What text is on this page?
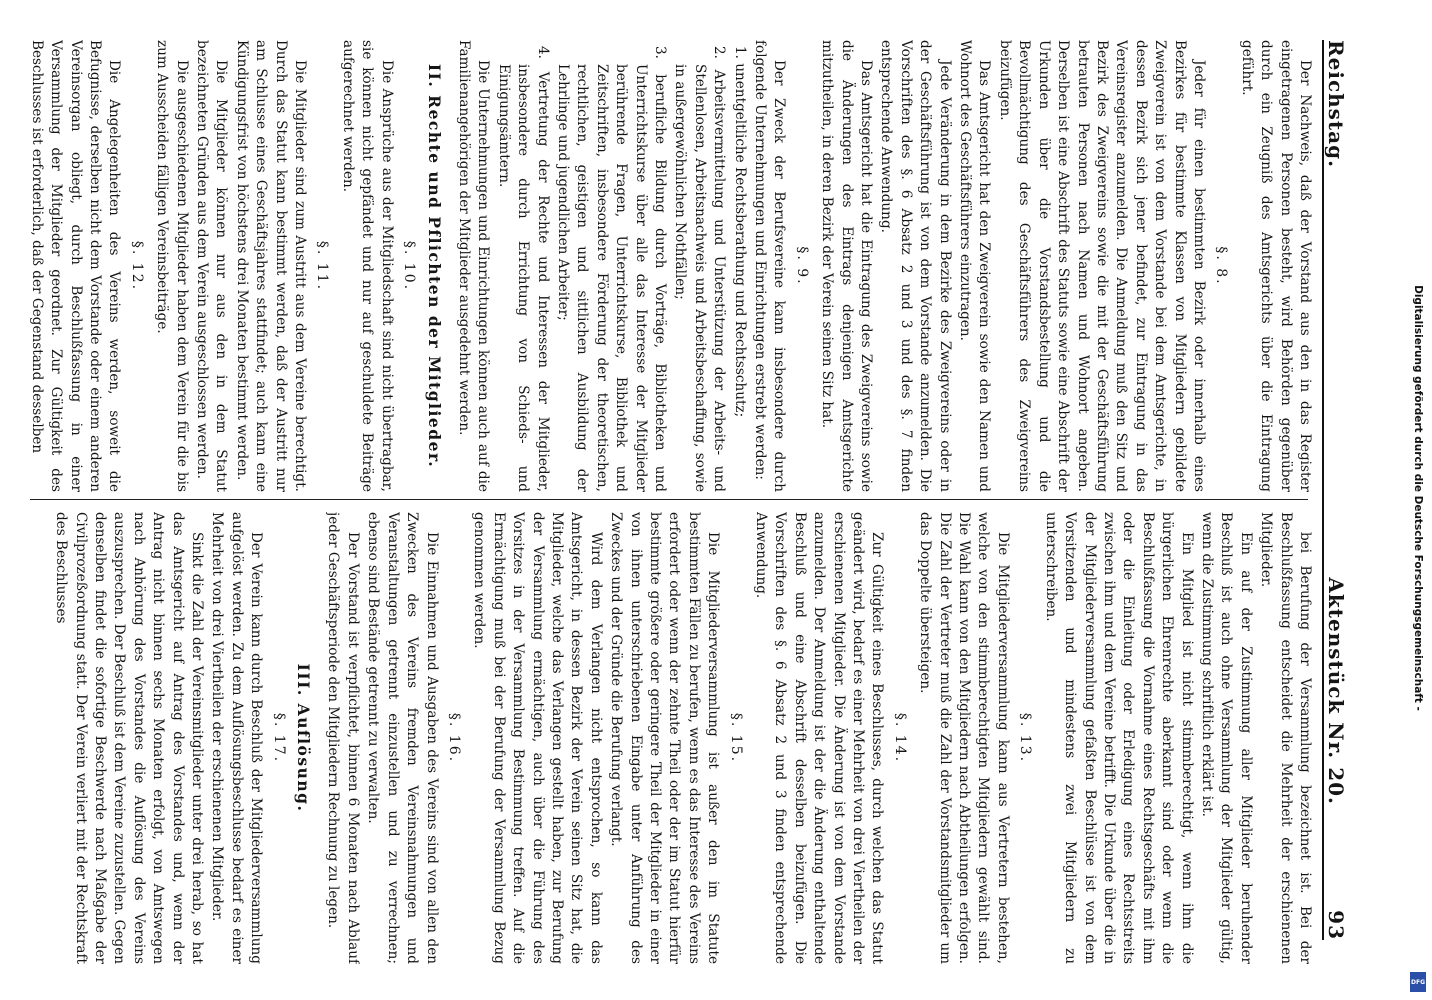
Reichstag.
Aktenstück Nr. 20.
93

Der Nachweis, daß der Vorstand aus den in das Register eingetragenen Personen besteht, wird Behörden gegenüber durch ein Zeugniß des Amtsgerichts über die Eintragung geführt.

§. 8.

Jeder für einen bestimmten Bezirk oder innerhalb eines Bezirkes für bestimmte Klassen von Mitgliedern gebildete Zweigverein ist von dem Vorstande bei dem Amtsgerichte, in dessen Bezirk sich jener befindet, zur Eintragung in das Vereinsregister anzumelden. Die Anmeldung muß den Sitz und Bezirk des Zweigvereins sowie die mit der Geschäftsführung betrauten Personen nach Namen und Wohnort angeben. Derselben ist eine Abschrift des Statuts sowie eine Abschrift der Urkunden über die Vorstandsbestellung und die Bevollmächtigung des Geschäftsführers des Zweigvereins beizufügen.

Das Amtsgericht hat den Zweigverein sowie den Namen und Wohnort des Geschäftsführers einzutragen.

Jede Veränderung in dem Bezirke des Zweigvereins oder in der Geschäftsführung ist von dem Vorstande anzumelden. Die Vorschriften des §. 6 Absatz 2 und 3 und des §. 7 finden entsprechende Anwendung.

Das Amtsgericht hat die Eintragung des Zweigvereins sowie die Änderungen des Eintrags denjenigen Amtsgerichte mitzutheilen, in deren Bezirk der Verein seinen Sitz hat.

§. 9.

Der Zweck der Berufsvereine kann insbesondere durch folgende Unternehmungen und Einrichtungen erstrebt werden:

1. unentgeltliche Rechtsberathung und Rechtsschutz;

2. Arbeitsvermittelung und Unterstützung der Arbeits- und Stellenlosen, Arbeitsnachweis und Arbeitsbeschaffung, sowie in außergewöhnlichen Nothfällen;

3. berufliche Bildung durch Vorträge, Bibliotheken und Unterrichtskurse über alle das Interesse der Mitglieder berührende Fragen, Unterrichtskurse, Bibliothek und Zeitschriften, insbesondere Förderung der theoretischen, rechtlichen, geistigen und sittlichen Ausbildung der Lehrlinge und jugendlichen Arbeiter;

4. Vertretung der Rechte und Interessen der Mitglieder, insbesondere durch Errichtung von Schieds- und Einigungsämtern.

Die Unternehmungen und Einrichtungen können auch auf die Familienangehörigen der Mitglieder ausgedehnt werden.

II. Rechte und Pflichten der Mitglieder.
§. 10.

Die Ansprüche aus der Mitgliedschaft sind nicht übertragbar, sie können nicht gepfändet und nur auf geschuldete Beiträge aufgerechnet werden.

§. 11.

Die Mitglieder sind zum Austritt aus dem Vereine berechtigt. Durch das Statut kann bestimmt werden, daß der Austritt nur am Schlusse eines Geschäftsjahres stattfindet; auch kann eine Kündigungsfrist von höchstens drei Monaten bestimmt werden.

Die Mitglieder können nur aus den in dem Statut bezeichneten Gründen aus dem Verein ausgeschlossen werden.

Die ausgeschiedenen Mitglieder haben dem Verein für die bis zum Ausscheiden fälligen Vereinsbeiträge.

§. 12.

Die Angelegenheiten des Vereins werden, soweit die Befugnisse, derselben nicht dem Vorstande oder einem anderen Vereinsorgan obliegt, durch Beschlußfassung in einer Versammlung der Mitglieder geordnet. Zur Gültigkeit des Beschlusses ist erforderlich, daß der Gegenstand desselben

bei Berufung der Versammlung bezeichnet ist. Bei der Beschlußfassung entscheidet die Mehrheit der erschienenen Mitglieder.

Ein auf der Zustimmung aller Mitglieder beruhender Beschluß ist auch ohne Versammlung der Mitglieder gültig, wenn die Zustimmung schriftlich erklärt ist.

Ein Mitglied ist nicht stimmberechtigt, wenn ihm die bürgerlichen Ehrenrechte aberkannt sind oder wenn die Beschlußfassung die Vornahme eines Rechtsgeschäfts mit ihm oder die Einleitung oder Erledigung eines Rechtsstreits zwischen ihm und dem Vereine betrifft. Die Urkunde über die in der Mitgliederversammlung gefaßten Beschlüsse ist von dem Vorsitzenden und mindestens zwei Mitgliedern zu unterschreiben.

§. 13.

Die Mitgliederversammlung kann aus Vertretern bestehen, welche von den stimmberechtigten Mitgliedern gewählt sind. Die Wahl kann von den Mitgliedern nach Abtheilungen erfolgen. Die Zahl der Vertreter muß die Zahl der Vorstandsmitglieder um das Doppelte übersteigen.

§. 14.

Zur Gültigkeit eines Beschlusses, durch welchen das Statut geändert wird, bedarf es einer Mehrheit von drei Viertheilen der erschienenen Mitglieder. Die Änderung ist von dem Vorstande anzumelden. Der Anmeldung ist der die Änderung enthaltende Beschluß und eine Abschrift desselben beizufügen. Die Vorschriften des §. 6 Absatz 2 und 3 finden entsprechende Anwendung.

§. 15.

Die Mitgliederversammlung ist außer den im Statute bestimmten Fällen zu berufen, wenn es das Interesse des Vereins erfordert oder wenn der zehnte Theil oder der im Statut hierfür bestimmte größere oder geringere Theil der Mitglieder in einer von ihnen unterschriebenen Eingabe unter Anführung des Zweckes und der Gründe die Berufung verlangt.

Wird dem Verlangen nicht entsprochen, so kann das Amtsgericht, in dessen Bezirk der Verein seinen Sitz hat, die Mitglieder, welche das Verlangen gestellt haben, zur Berufung der Versammlung ermächtigen, auch über die Führung des Vorsitzes in der Versammlung Bestimmung treffen. Auf die Ermächtigung muß bei der Berufung der Versammlung Bezug genommen werden.

§. 16.

Die Einnahmen und Ausgaben des Vereins sind von allen den Zwecken des Vereins fremden Vereinsnahmungen und Veranstaltungen getrennt einzustellen und zu verrechnen; ebenso sind Bestände getrennt zu verwalten.

Der Vorstand ist verpflichtet, binnen 6 Monaten nach Ablauf jeder Geschäftsperiode den Mitgliedern Rechnung zu legen.

III. Auflösung.
§. 17.

Der Verein kann durch Beschluß der Mitgliederversammlung aufgelöst werden. Zu dem Auflösungsbeschlusse bedarf es einer Mehrheit von drei Viertheilen der erschienenen Mitglieder.

Sinkt die Zahl der Vereinsmitglieder unter drei herab, so hat das Amtsgericht auf Antrag des Vorstandes und, wenn der Antrag nicht binnen sechs Monaten erfolgt, von Amtswegen nach Anhörung des Vorstandes die Auflösung des Vereins auszusprechen. Der Beschluß ist dem Vereine zuzustellen. Gegen denselben findet die sofortige Beschwerde nach Maßgabe der Civilprozeßordnung statt. Der Verein verliert mit der Rechtskraft des Beschlusses	Digitalisierung gefördert durch die Deutsche Forschungsgemeinschaft -
DFG
